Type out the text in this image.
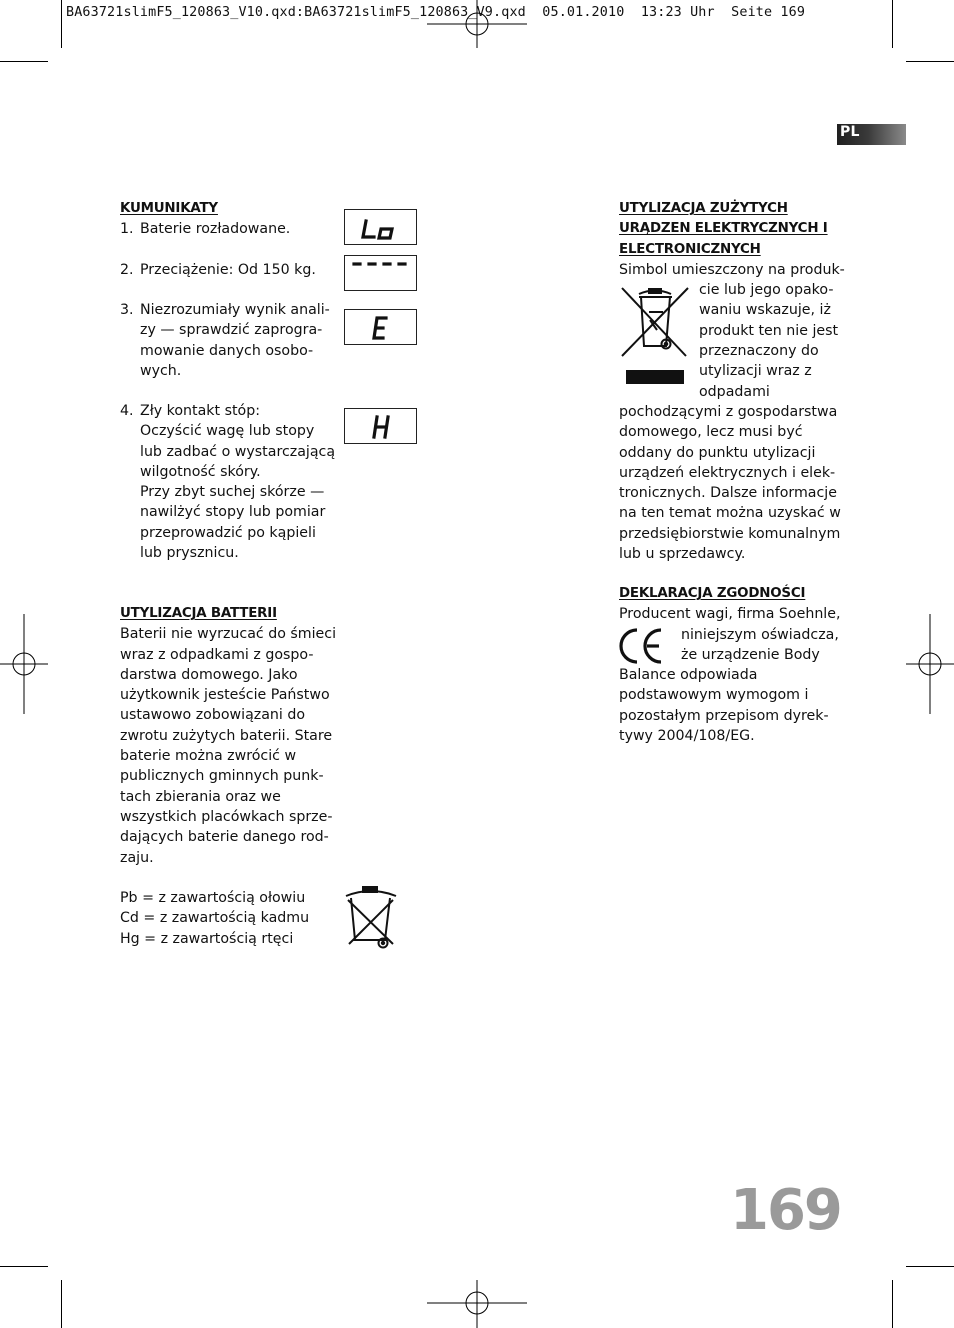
BA63721slimF5_120863_V10.qxd:BA63721slimF5_120863_V9.qxd  05.01.2010  13:23 Uhr  Seite 169
PL
KUMUNIKATY
1. Baterie rozładowane.
2. Przeciążenie: Od 150 kg.
3. Niezrozumiały wynik anali-
zy — sprawdzić zaprogra-
mowanie danych osobo-
wych.
4. Zły kontakt stóp:
Oczyścić wagę lub stopy
lub zadbać o wystarczającą
wilgotność skóry.
Przy zbyt suchej skórze —
nawilżyć stopy lub pomiar
przeprowadzić po kąpieli
lub prysznicu.
UTYLIZACJA BATTERII
Baterii nie wyrzucać do śmieci
wraz z odpadkami z gospo-
darstwa domowego. Jako
użytkownik jesteście Państwo
ustawowo zobowiązani do
zwrotu zużytych baterii. Stare
baterie można zwrócić w
publicznych gminnych punk-
tach zbierania oraz we
wszystkich placówkach sprze-
dających baterie danego rod-
zaju.
Pb = z zawartością ołowiu
Cd = z zawartością kadmu
Hg = z zawartością rtęci
UTYLIZACJA ZUŻYTYCH
URĄDZEN ELEKTRYCZNYCH I
ELECTRONICZNYCH
Simbol umieszczony na produk-
cie lub jego opako-
waniu wskazuje, iż
produkt ten nie jest
przeznaczony do
utylizacji wraz z
odpadami
pochodzącymi z gospodarstwa
domowego, lecz musi być
oddany do punktu utylizacji
urządzeń elektrycznych i elek-
tronicznych. Dalsze informacje
na ten temat można uzyskać w
przedsiębiorstwie komunalnym
lub u sprzedawcy.
DEKLARACJA ZGODNOŚCI
Producent wagi, firma Soehnle,
niniejszym oświadcza,
że urządzenie Body
Balance odpowiada
podstawowym wymogom i
pozostałym przepisom dyrek-
tywy 2004/108/EG.
169
